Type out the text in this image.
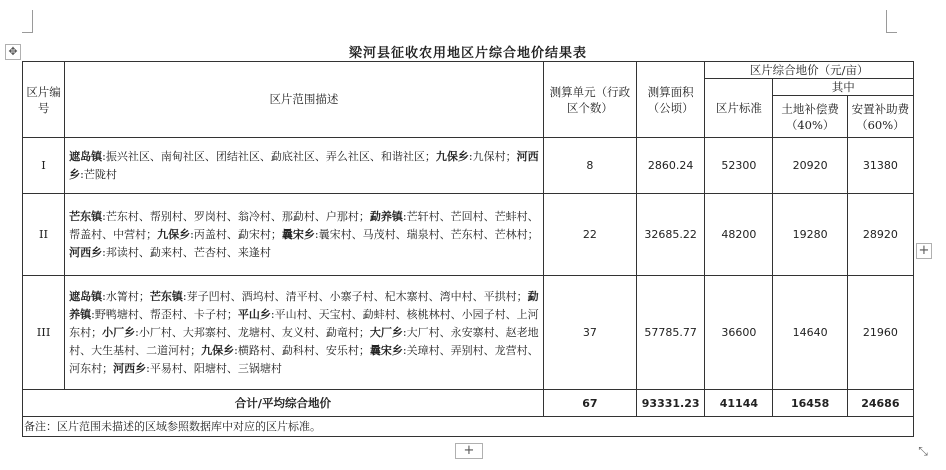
✥	梁河县征收农用地区片综合地价结果表
区片编号	区片范围描述	测算单元（行政区个数）	测算面积（公顷）	区片综合地价（元/亩）		
				区片标准	其中	
					土地补偿费（40%）	安置补助费（60%）
I	遮岛镇:振兴社区、南甸社区、团结社区、勐底社区、弄么社区、和谐社区；九保乡:九保村；河西乡:芒陇村	8	2860.24	52300	20920	31380
II	芒东镇:芒东村、帮别村、罗岗村、翁冷村、那勐村、户那村；勐养镇:芒轩村、芒回村、芒蚌村、帮盖村、中营村；九保乡:丙盖村、勐宋村；曩宋乡:曩宋村、马茂村、瑞泉村、芒东村、芒林村；河西乡:邦读村、勐来村、芒杏村、来逢村	22	32685.22	48200	19280	28920
III	遮岛镇:水箐村；芒东镇:芽子凹村、酒坞村、清平村、小寨子村、杞木寨村、湾中村、平拱村；勐养镇:野鸭塘村、帮歪村、卡子村；平山乡:平山村、天宝村、勐蚌村、核桃林村、小园子村、上河东村；小厂乡:小厂村、大邦寨村、龙塘村、友义村、勐竜村；大厂乡:大厂村、永安寨村、赵老地村、大生基村、二道河村；九保乡:横路村、勐科村、安乐村；曩宋乡:关璋村、弄别村、龙营村、河东村；河西乡:平易村、阳塘村、三锅塘村	37	57785.77	36600	14640	21960
合计/平均综合地价		67	93331.23	41144	16458	24686
备注：区片范围未描述的区域参照数据库中对应的区片标准。						
+
+	⤡
